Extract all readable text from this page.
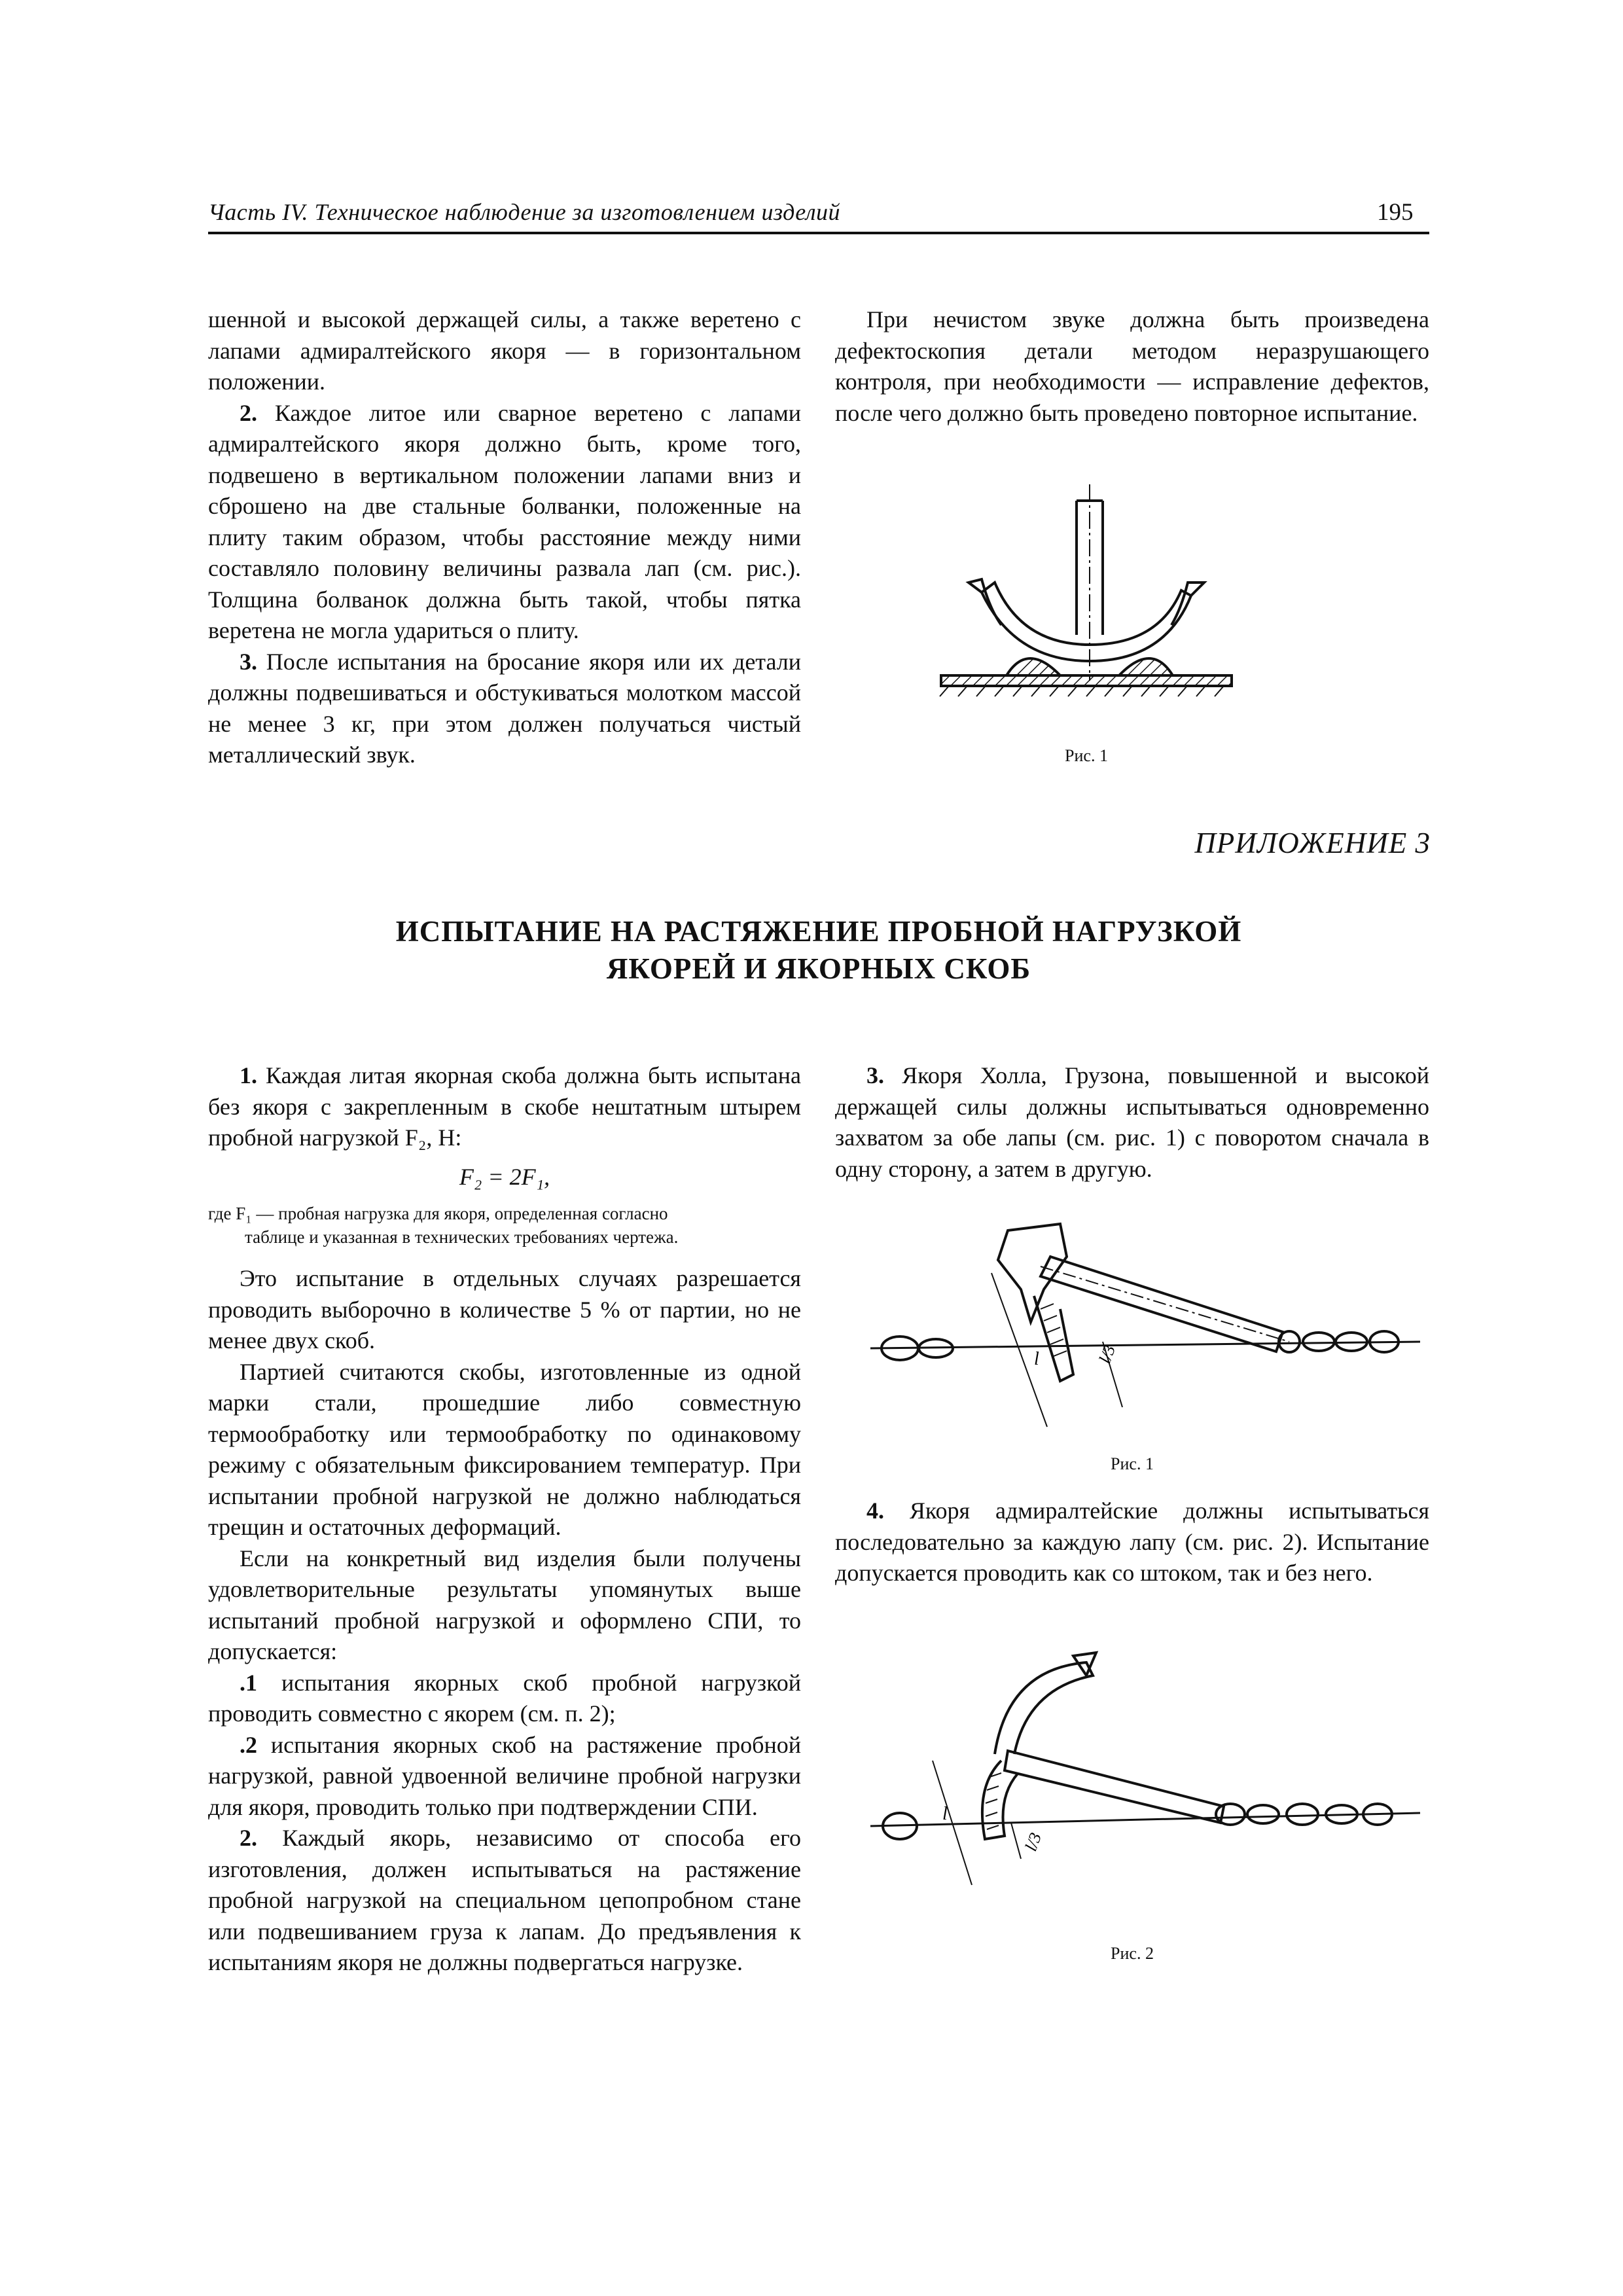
Часть IV. Техническое наблюдение за изготовлением изделий	195

шенной и высокой держащей силы, а также веретено с лапами адмиралтейского якоря — в горизонтальном положении.

2. Каждое литое или сварное веретено с лапами адмиралтейского якоря должно быть, кроме того, подвешено в вертикальном положении лапами вниз и сброшено на две стальные болванки, положенные на плиту таким образом, чтобы расстояние между ними составляло половину величины развала лап (см. рис.). Толщина болванок должна быть такой, чтобы пятка веретена не могла удариться о плиту.

3. После испытания на бросание якоря или их детали должны подвешиваться и обстукиваться молотком массой не менее 3 кг, при этом должен получаться чистый металлический звук.

При нечистом звуке должна быть произведена дефектоскопия детали методом неразрушающего контроля, при необходимости — исправление дефектов, после чего должно быть проведено повторное испытание.

Рис. 1
ПРИЛОЖЕНИЕ 3
ИСПЫТАНИЕ НА РАСТЯЖЕНИЕ ПРОБНОЙ НАГРУЗКОЙ
ЯКОРЕЙ И ЯКОРНЫХ СКОБ

1. Каждая литая якорная скоба должна быть испытана без якоря с закрепленным в скобе нештатным штырем пробной нагрузкой F₂, Н:

F₂ = 2F₁,
где F₁ — пробная нагрузка для якоря, определенная согласно
таблице и указанная в технических требованиях чертежа.

Это испытание в отдельных случаях разрешается проводить выборочно в количестве 5 % от партии, но не менее двух скоб.

Партией считаются скобы, изготовленные из одной марки стали, прошедшие либо совместную термообработку или термообработку по одинаковому режиму с обязательным фиксированием температур. При испытании пробной нагрузкой не должно наблюдаться трещин и остаточных деформаций.

Если на конкретный вид изделия были получены удовлетворительные результаты упомянутых выше испытаний пробной нагрузкой и оформлено СПИ, то допускается:

.1 испытания якорных скоб пробной нагрузкой проводить совместно с якорем (см. п. 2);

.2 испытания якорных скоб на растяжение пробной нагрузкой, равной удвоенной величине пробной нагрузки для якоря, проводить только при подтверждении СПИ.

2. Каждый якорь, независимо от способа его изготовления, должен испытываться на растяжение пробной нагрузкой на специальном цепопробном стане или подвешиванием груза к лапам. До предъявления к испытаниям якоря не должны подвергаться нагрузке.

3. Якоря Холла, Грузона, повышенной и высокой держащей силы должны испытываться одновременно захватом за обе лапы (см. рис. 1) с поворотом сначала в одну сторону, а затем в другую.

l	l/3
Рис. 1

4. Якоря адмиралтейские должны испытываться последовательно за каждую лапу (см. рис. 2). Испытание допускается проводить как со штоком, так и без него.

l
l/3
Рис. 2
